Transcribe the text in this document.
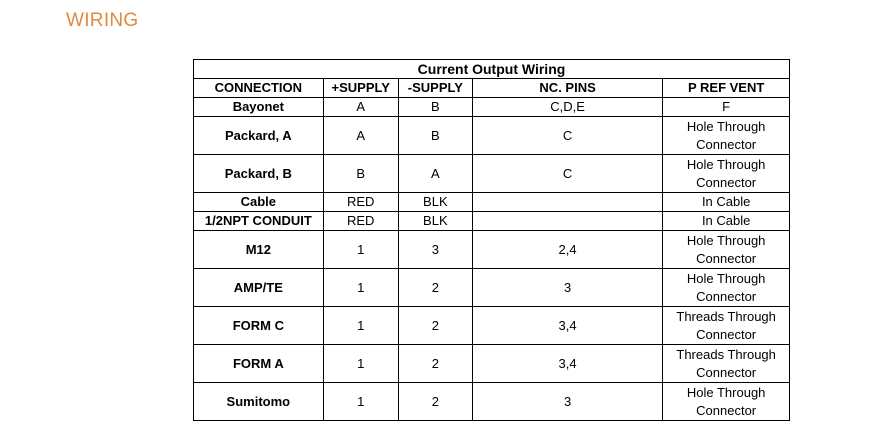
WIRING
Current Output Wiring				
CONNECTION	+SUPPLY	-SUPPLY	NC. PINS	P REF VENT
Bayonet	A	B	C,D,E	F
Packard, A	A	B	C	Hole Through Connector
Packard, B	B	A	C	Hole Through Connector
Cable	RED	BLK		In Cable
1/2NPT CONDUIT	RED	BLK		In Cable
M12	1	3	2,4	Hole Through Connector
AMP/TE	1	2	3	Hole Through Connector
FORM C	1	2	3,4	Threads Through Connector
FORM A	1	2	3,4	Threads Through Connector
Sumitomo	1	2	3	Hole Through Connector
